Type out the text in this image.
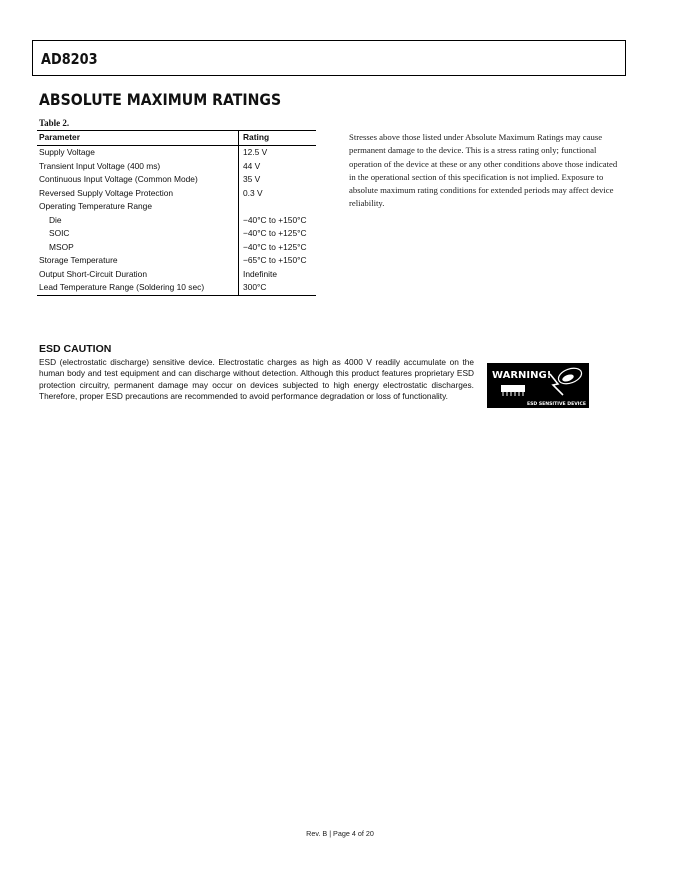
AD8203
ABSOLUTE MAXIMUM RATINGS
Table 2.
Parameter	Rating
Supply Voltage	12.5 V
Transient Input Voltage (400 ms)	44 V
Continuous Input Voltage (Common Mode)	35 V
Reversed Supply Voltage Protection	0.3 V
Operating Temperature Range	
Die	−40°C to +150°C
SOIC	−40°C to +125°C
MSOP	−40°C to +125°C
Storage Temperature	−65°C to +150°C
Output Short-Circuit Duration	Indefinite
Lead Temperature Range (Soldering 10 sec)	300°C
Stresses above those listed under Absolute Maximum Ratings may cause permanent damage to the device. This is a stress rating only; functional operation of the device at these or any other conditions above those indicated in the operational section of this specification is not implied. Exposure to absolute maximum rating conditions for extended periods may affect device reliability.
ESD CAUTION
ESD (electrostatic discharge) sensitive device. Electrostatic charges as high as 4000 V readily accumulate on the human body and test equipment and can discharge without detection. Although this product features proprietary ESD protection circuitry, permanent damage may occur on devices subjected to high energy electrostatic discharges. Therefore, proper ESD precautions are recommended to avoid performance degradation or loss of functionality.
WARNING!
ESD SENSITIVE DEVICE
Rev. B | Page 4 of 20
